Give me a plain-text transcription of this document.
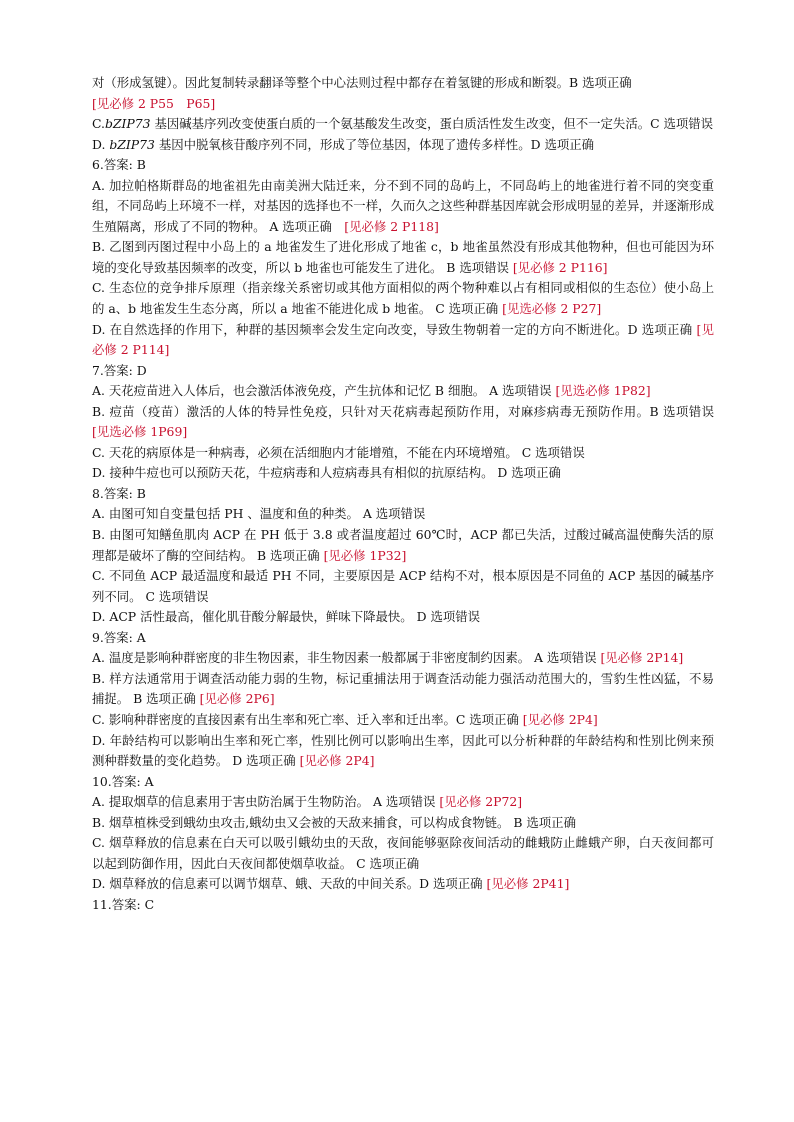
对（形成氢键）。因此复制转录翻译等整个中心法则过程中都存在着氢键的形成和断裂。B 选项正确
[见必修 2 P55　P65]
C.bZIP73 基因碱基序列改变使蛋白质的一个氨基酸发生改变，蛋白质活性发生改变，但不一定失活。C 选项错误
D. bZIP73 基因中脱氧核苷酸序列不同，形成了等位基因，体现了遗传多样性。D 选项正确
6.答案: B
A. 加拉帕格斯群岛的地雀祖先由南美洲大陆迁来，分不到不同的岛屿上，不同岛屿上的地雀进行着不同的突变重组，不同岛屿上环境不一样，对基因的选择也不一样，久而久之这些种群基因库就会形成明显的差异，并逐渐形成生殖隔离，形成了不同的物种。 A 选项正确　[见必修 2 P118]
B. 乙图到丙图过程中小岛上的 a 地雀发生了进化形成了地雀 c，b 地雀虽然没有形成其他物种，但也可能因为环境的变化导致基因频率的改变，所以 b 地雀也可能发生了进化。 B 选项错误 [见必修 2 P116]
C. 生态位的竞争排斥原理（指亲缘关系密切或其他方面相似的两个物种难以占有相同或相似的生态位）使小岛上的 a、b 地雀发生生态分离，所以 a 地雀不能进化成 b 地雀。 C 选项正确 [见选必修 2 P27]
D. 在自然选择的作用下，种群的基因频率会发生定向改变，导致生物朝着一定的方向不断进化。D 选项正确 [见必修 2 P114]
7.答案: D
A. 天花痘苗进入人体后，也会激活体液免疫，产生抗体和记忆 B 细胞。 A 选项错误 [见选必修 1P82]
B. 痘苗（疫苗）激活的人体的特异性免疫，只针对天花病毒起预防作用，对麻疹病毒无预防作用。B 选项错误　[见选必修 1P69]
C. 天花的病原体是一种病毒，必须在活细胞内才能增殖，不能在内环境增殖。 C 选项错误
D. 接种牛痘也可以预防天花，牛痘病毒和人痘病毒具有相似的抗原结构。 D 选项正确
8.答案: B
A. 由图可知自变量包括 PH 、温度和鱼的种类。 A 选项错误
B. 由图可知鳝鱼肌肉 ACP 在 PH 低于 3.8 或者温度超过 60℃时，ACP 都已失活，过酸过碱高温使酶失活的原理都是破坏了酶的空间结构。 B 选项正确 [见必修 1P32]
C. 不同鱼 ACP 最适温度和最适 PH 不同，主要原因是 ACP 结构不对，根本原因是不同鱼的 ACP 基因的碱基序列不同。 C 选项错误
D. ACP 活性最高，催化肌苷酸分解最快，鲜味下降最快。 D 选项错误
9.答案: A
A. 温度是影响种群密度的非生物因素，非生物因素一般都属于非密度制约因素。 A 选项错误 [见必修 2P14]
B. 样方法通常用于调查活动能力弱的生物，标记重捕法用于调查活动能力强活动范围大的，雪豹生性凶猛，不易捕捉。 B 选项正确 [见必修 2P6]
C. 影响种群密度的直接因素有出生率和死亡率、迁入率和迁出率。C 选项正确 [见必修 2P4]
D. 年龄结构可以影响出生率和死亡率，性别比例可以影响出生率，因此可以分析种群的年龄结构和性别比例来预测种群数量的变化趋势。 D 选项正确 [见必修 2P4]
10.答案: A
A. 提取烟草的信息素用于害虫防治属于生物防治。 A 选项错误 [见必修 2P72]
B. 烟草植株受到蛾幼虫攻击,蛾幼虫又会被的天敌来捕食，可以构成食物链。 B 选项正确
C. 烟草释放的信息素在白天可以吸引蛾幼虫的天敌，夜间能够驱除夜间活动的雌蛾防止雌蛾产卵，白天夜间都可以起到防御作用，因此白天夜间都使烟草收益。 C 选项正确
D. 烟草释放的信息素可以调节烟草、蛾、天敌的中间关系。D 选项正确 [见必修 2P41]
11.答案: C
